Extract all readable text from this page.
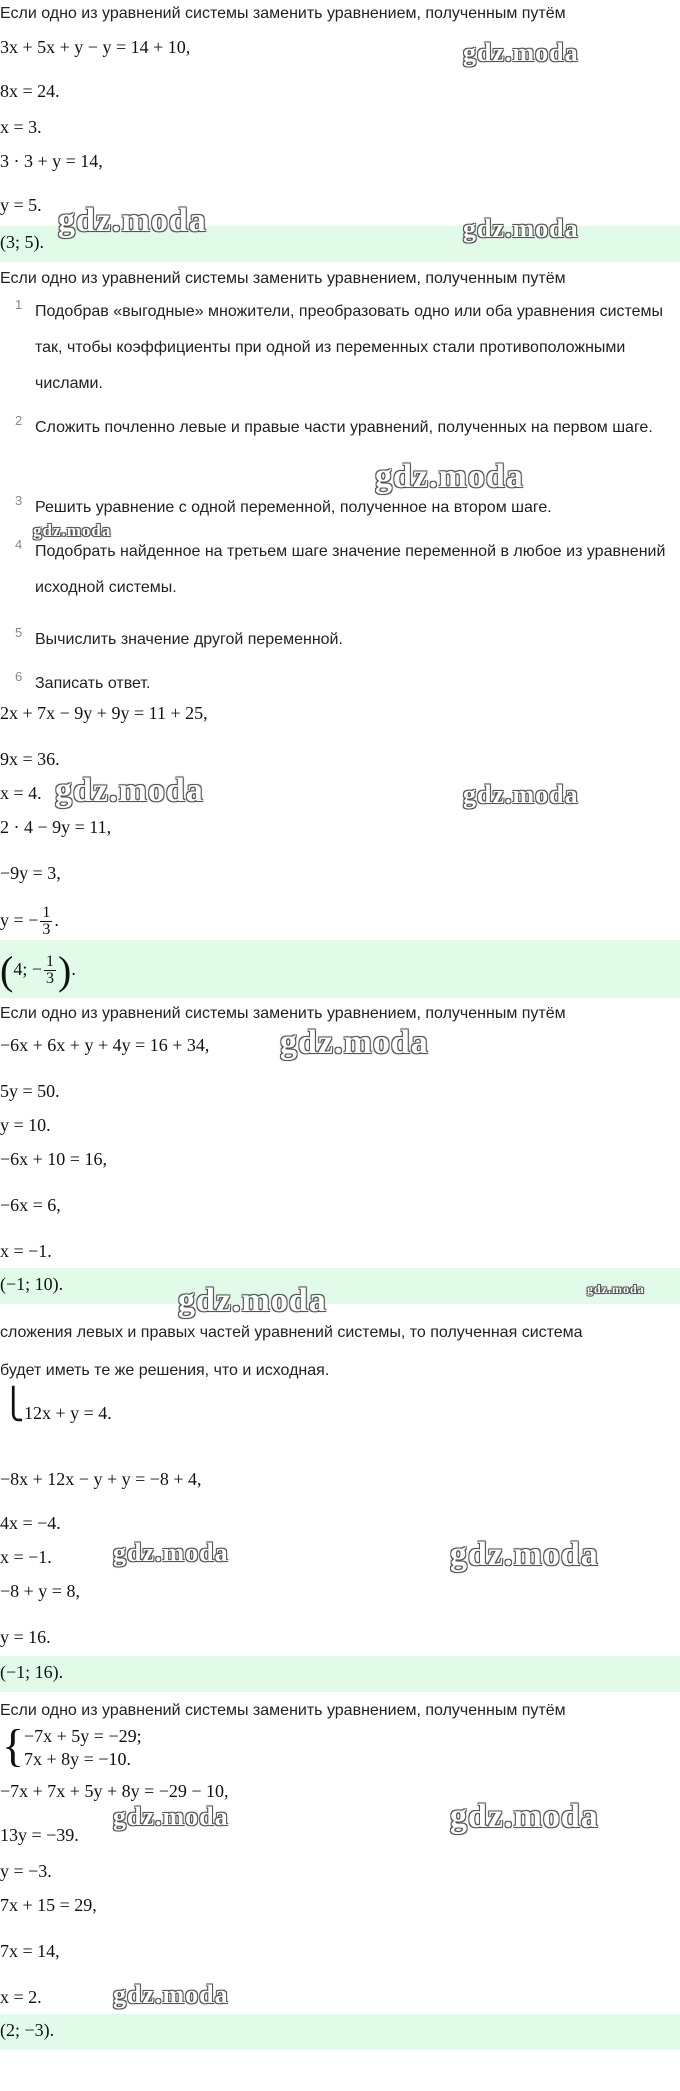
Если одно из уравнений системы заменить уравнением, полученным путём

3x + 5x + y − y = 14 + 10,

8x = 24.

x = 3.

3 · 3 + y = 14,

y = 5.

(3; 5).

gdz.moda
gdz.moda	gdz.moda

Если одно из уравнений системы заменить уравнением, полученным путём

1 Подобрав «выгодные» множители, преобразовать одно или оба уравнения системы так, чтобы коэффициенты при одной из переменных стали противоположными числами.
2 Сложить почленно левые и правые части уравнений, полученных на первом шаге.
3 Решить уравнение с одной переменной, полученное на втором шаге.
4 Подобрать найденное на третьем шаге значение переменной в любое из уравнений исходной системы.
5 Вычислить значение другой переменной.
6 Записать ответ.
gdz.moda
gdz.moda

2x + 7x − 9y + 9y = 11 + 25,

9x = 36.

x = 4.

2 · 4 − 9y = 11,

−9y = 3,

y = − $\frac{1}{3}$ .

(4; − $\frac{1}{3}$ ).

gdz.moda	gdz.moda

Если одно из уравнений системы заменить уравнением, полученным путём

−6x + 6x + y + 4y = 16 + 34,

5y = 50.

y = 10.

−6x + 10 = 16,

−6x = 6,

x = −1.

(−1; 10).

gdz.moda
gdz.moda
gdz.moda

сложения левых и правых частей уравнений системы, то полученная система

будет иметь те же решения, что и исходная.

⎩ 12x + y = 4.

−8x + 12x − y + y = −8 + 4,

4x = −4.

x = −1.

−8 + y = 8,

y = 16.

(−1; 16).

gdz.moda	gdz.moda

Если одно из уравнений системы заменить уравнением, полученным путём

{ −7x + 5y = −29;

7x + 8y = −10.

−7x + 7x + 5y + 8y = −29 − 10,

13y = −39.

y = −3.

7x + 15 = 29,

7x = 14,

x = 2.

(2; −3).

gdz.moda	gdz.moda
gdz.moda
